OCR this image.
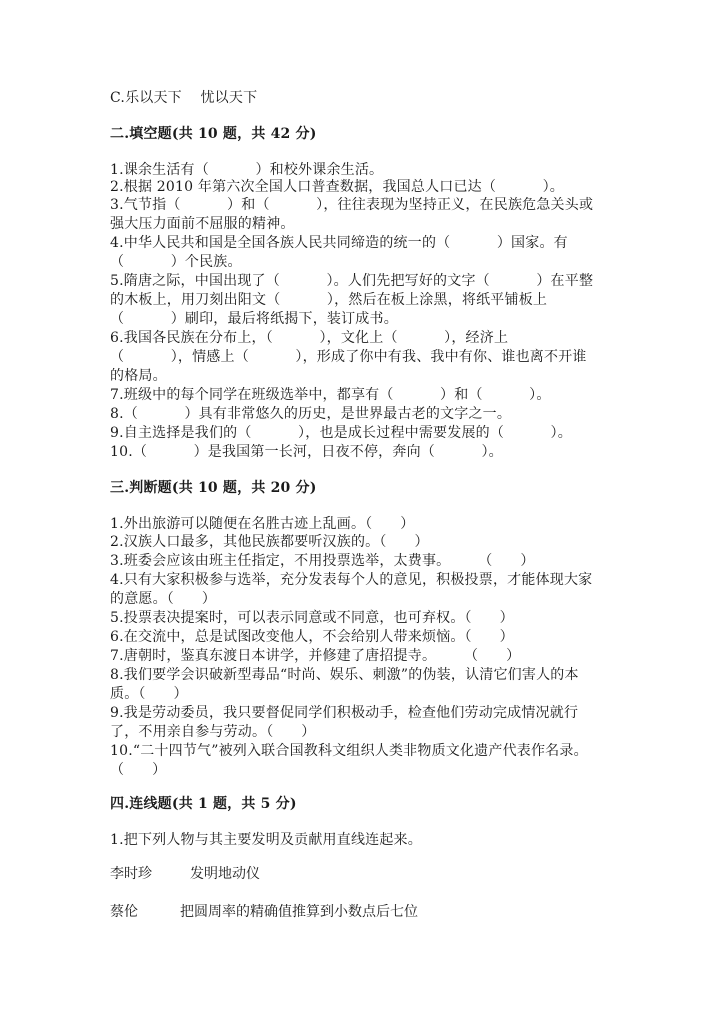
C.乐以天下    忧以天下
二.填空题(共 10 题，共 42 分)
1.课余生活有（          ）和校外课余生活。
2.根据 2010 年第六次全国人口普查数据，我国总人口已达（          ）。
3.气节指（          ）和（          ），往往表现为坚持正义，在民族危急关头或
强大压力面前不屈服的精神。
4.中华人民共和国是全国各族人民共同缔造的统一的（          ）国家。有
（          ）个民族。
5.隋唐之际，中国出现了（          ）。人们先把写好的文字（          ）在平整
的木板上，用刀刻出阳文（          ），然后在板上涂黑，将纸平铺板上
（          ）刷印，最后将纸揭下，装订成书。
6.我国各民族在分布上，（          ），文化上（          ），经济上
（          ），情感上（          ），形成了你中有我、我中有你、谁也离不开谁
的格局。
7.班级中的每个同学在班级选举中，都享有（          ）和（          ）。
8.（          ）具有非常悠久的历史，是世界最古老的文字之一。
9.自主选择是我们的（          ），也是成长过程中需要发展的（          ）。
10.（          ）是我国第一长河，日夜不停，奔向（          ）。
三.判断题(共 10 题，共 20 分)
1.外出旅游可以随便在名胜古迹上乱画。（      ）
2.汉族人口最多，其他民族都要听汉族的。（      ）
3.班委会应该由班主任指定，不用投票选举，太费事。      （      ）
4.只有大家积极参与选举，充分发表每个人的意见，积极投票，才能体现大家
的意愿。（      ）
5.投票表决提案时，可以表示同意或不同意，也可弃权。（      ）
6.在交流中，总是试图改变他人，不会给别人带来烦恼。（      ）
7.唐朝时，鉴真东渡日本讲学，并修建了唐招提寺。      （      ）
8.我们要学会识破新型毒品“时尚、娱乐、刺激”的伪装，认清它们害人的本
质。（      ）
9.我是劳动委员，我只要督促同学们积极动手，检查他们劳动完成情况就行
了，不用亲自参与劳动。（      ）
10.“二十四节气”被列入联合国教科文组织人类非物质文化遗产代表作名录。
（      ）
四.连线题(共 1 题，共 5 分)
1.把下列人物与其主要发明及贡献用直线连起来。
李时珍	发明地动仪
蔡伦	把圆周率的精确值推算到小数点后七位
